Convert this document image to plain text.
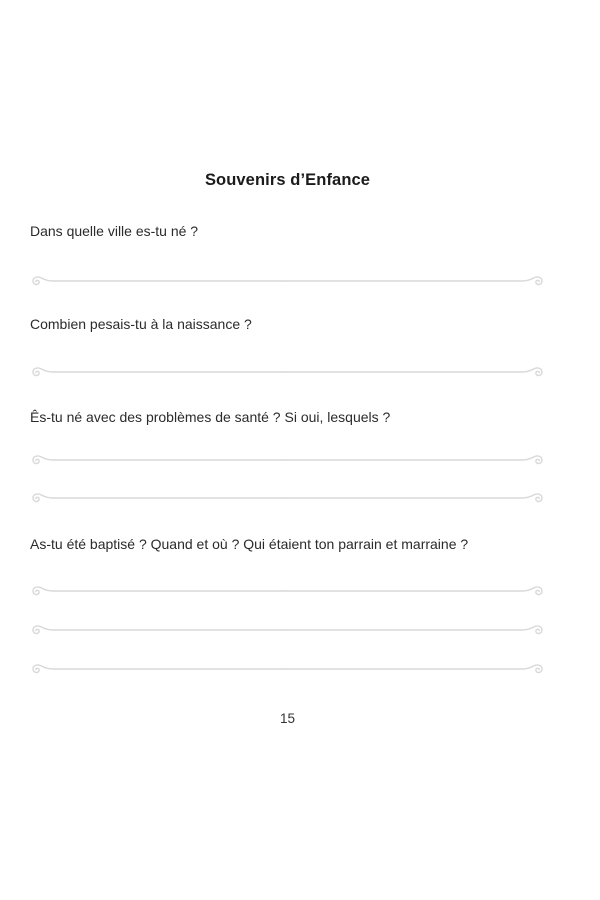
Souvenirs d’Enfance

Dans quelle ville es-tu né ?

Combien pesais-tu à la naissance ?

Ês-tu né avec des problèmes de santé ? Si oui, lesquels ?

As-tu été baptisé ? Quand et où ? Qui étaient ton parrain et marraine ?

15
